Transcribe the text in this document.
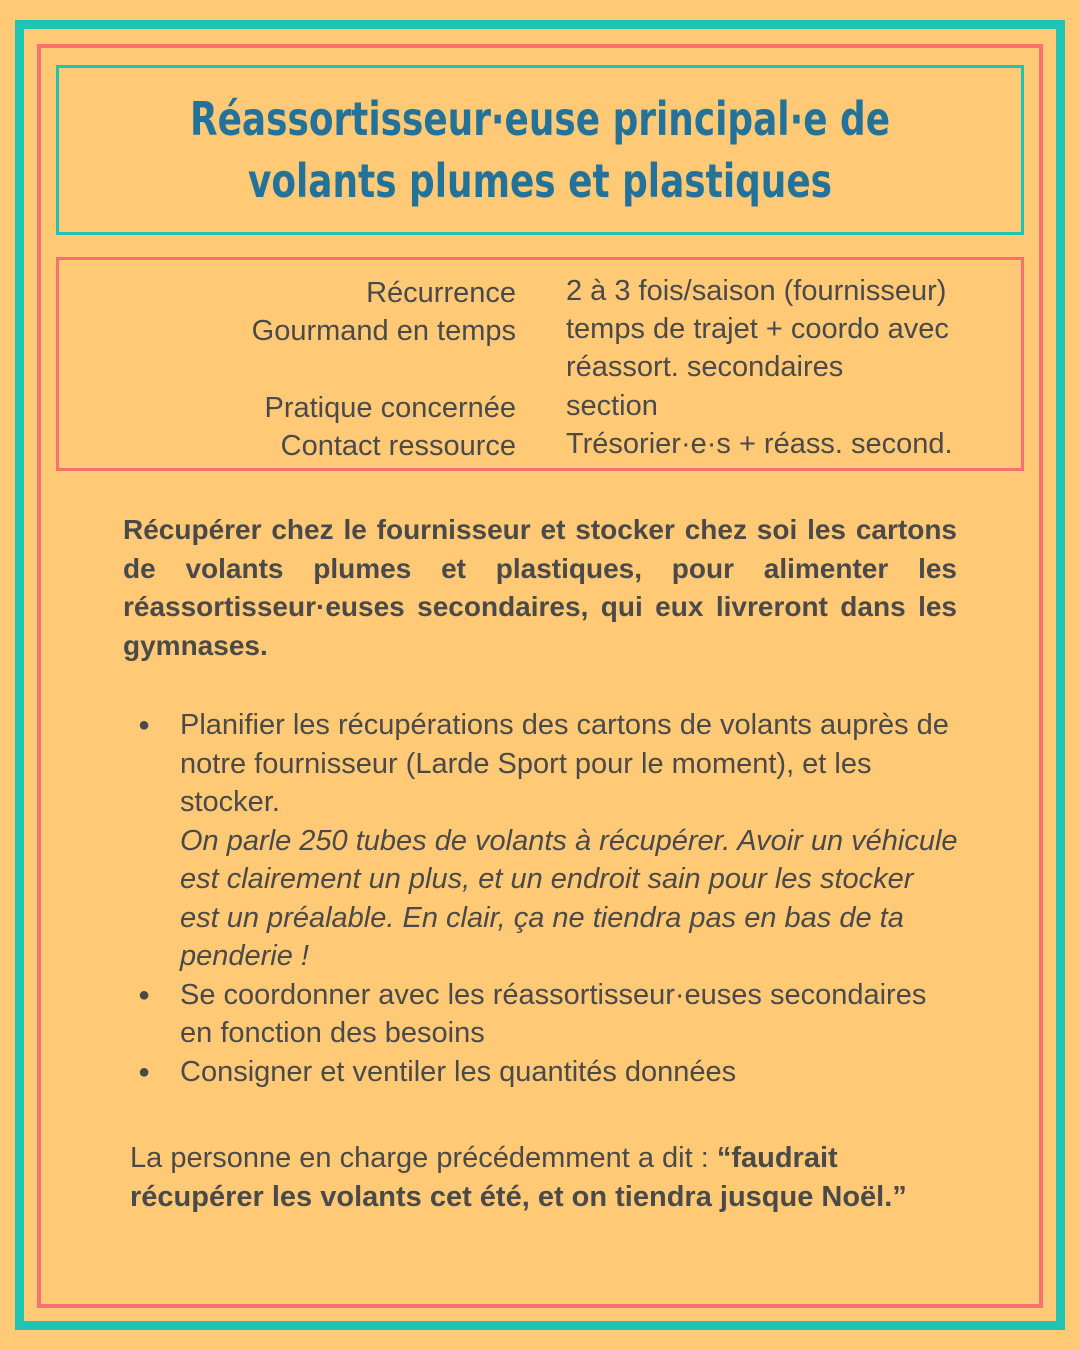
Réassortisseur·euse principal·e de
volants plumes et plastiques
Récurrence 2 à 3 fois/saison (fournisseur)
Gourmand en temps temps de trajet + coordo avec réassort. secondaires
Pratique concernée section
Contact ressource Trésorier·e·s + réass. second.

Récupérer chez le fournisseur et stocker chez soi les cartons de volants plumes et plastiques, pour alimenter les réassortisseur·euses secondaires, qui eux livreront dans les gymnases.

● Planifier les récupérations des cartons de volants auprès de notre fournisseur (Larde Sport pour le moment), et les stocker.
On parle 250 tubes de volants à récupérer. Avoir un véhicule est clairement un plus, et un endroit sain pour les stocker est un préalable. En clair, ça ne tiendra pas en bas de ta penderie !
● Se coordonner avec les réassortisseur·euses secondaires en fonction des besoins
● Consigner et ventiler les quantités données

La personne en charge précédemment a dit : “faudrait récupérer les volants cet été, et on tiendra jusque Noël.”
